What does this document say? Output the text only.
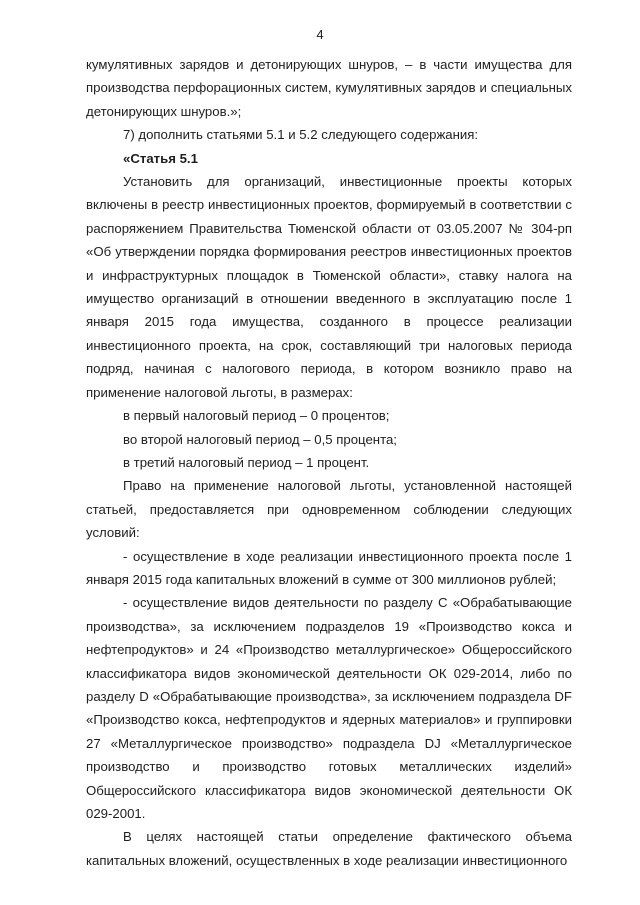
4

кумулятивных зарядов и детонирующих шнуров, – в части имущества для производства перфорационных систем, кумулятивных зарядов и специальных детонирующих шнуров.»;

7) дополнить статьями 5.1 и 5.2 следующего содержания:

«Статья 5.1

Установить для организаций, инвестиционные проекты которых включены в реестр инвестиционных проектов, формируемый в соответствии с распоряжением Правительства Тюменской области от 03.05.2007 № 304-рп «Об утверждении порядка формирования реестров инвестиционных проектов и инфраструктурных площадок в Тюменской области», ставку налога на имущество организаций в отношении введенного в эксплуатацию после 1 января 2015 года имущества, созданного в процессе реализации инвестиционного проекта, на срок, составляющий три налоговых периода подряд, начиная с налогового периода, в котором возникло право на применение налоговой льготы, в размерах:

в первый налоговый период – 0 процентов;

во второй налоговый период – 0,5 процента;

в третий налоговый период – 1 процент.

Право на применение налоговой льготы, установленной настоящей статьей, предоставляется при одновременном соблюдении следующих условий:

- осуществление в ходе реализации инвестиционного проекта после 1 января 2015 года капитальных вложений в сумме от 300 миллионов рублей;

- осуществление видов деятельности по разделу С «Обрабатывающие производства», за исключением подразделов 19 «Производство кокса и нефтепродуктов» и 24 «Производство металлургическое» Общероссийского классификатора видов экономической деятельности ОК 029-2014, либо по разделу D «Обрабатывающие производства», за исключением подраздела DF «Производство кокса, нефтепродуктов и ядерных материалов» и группировки 27 «Металлургическое производство» подраздела DJ «Металлургическое производство и производство готовых металлических изделий» Общероссийского классификатора видов экономической деятельности ОК 029-2001.

В целях настоящей статьи определение фактического объема капитальных вложений, осуществленных в ходе реализации инвестиционного
